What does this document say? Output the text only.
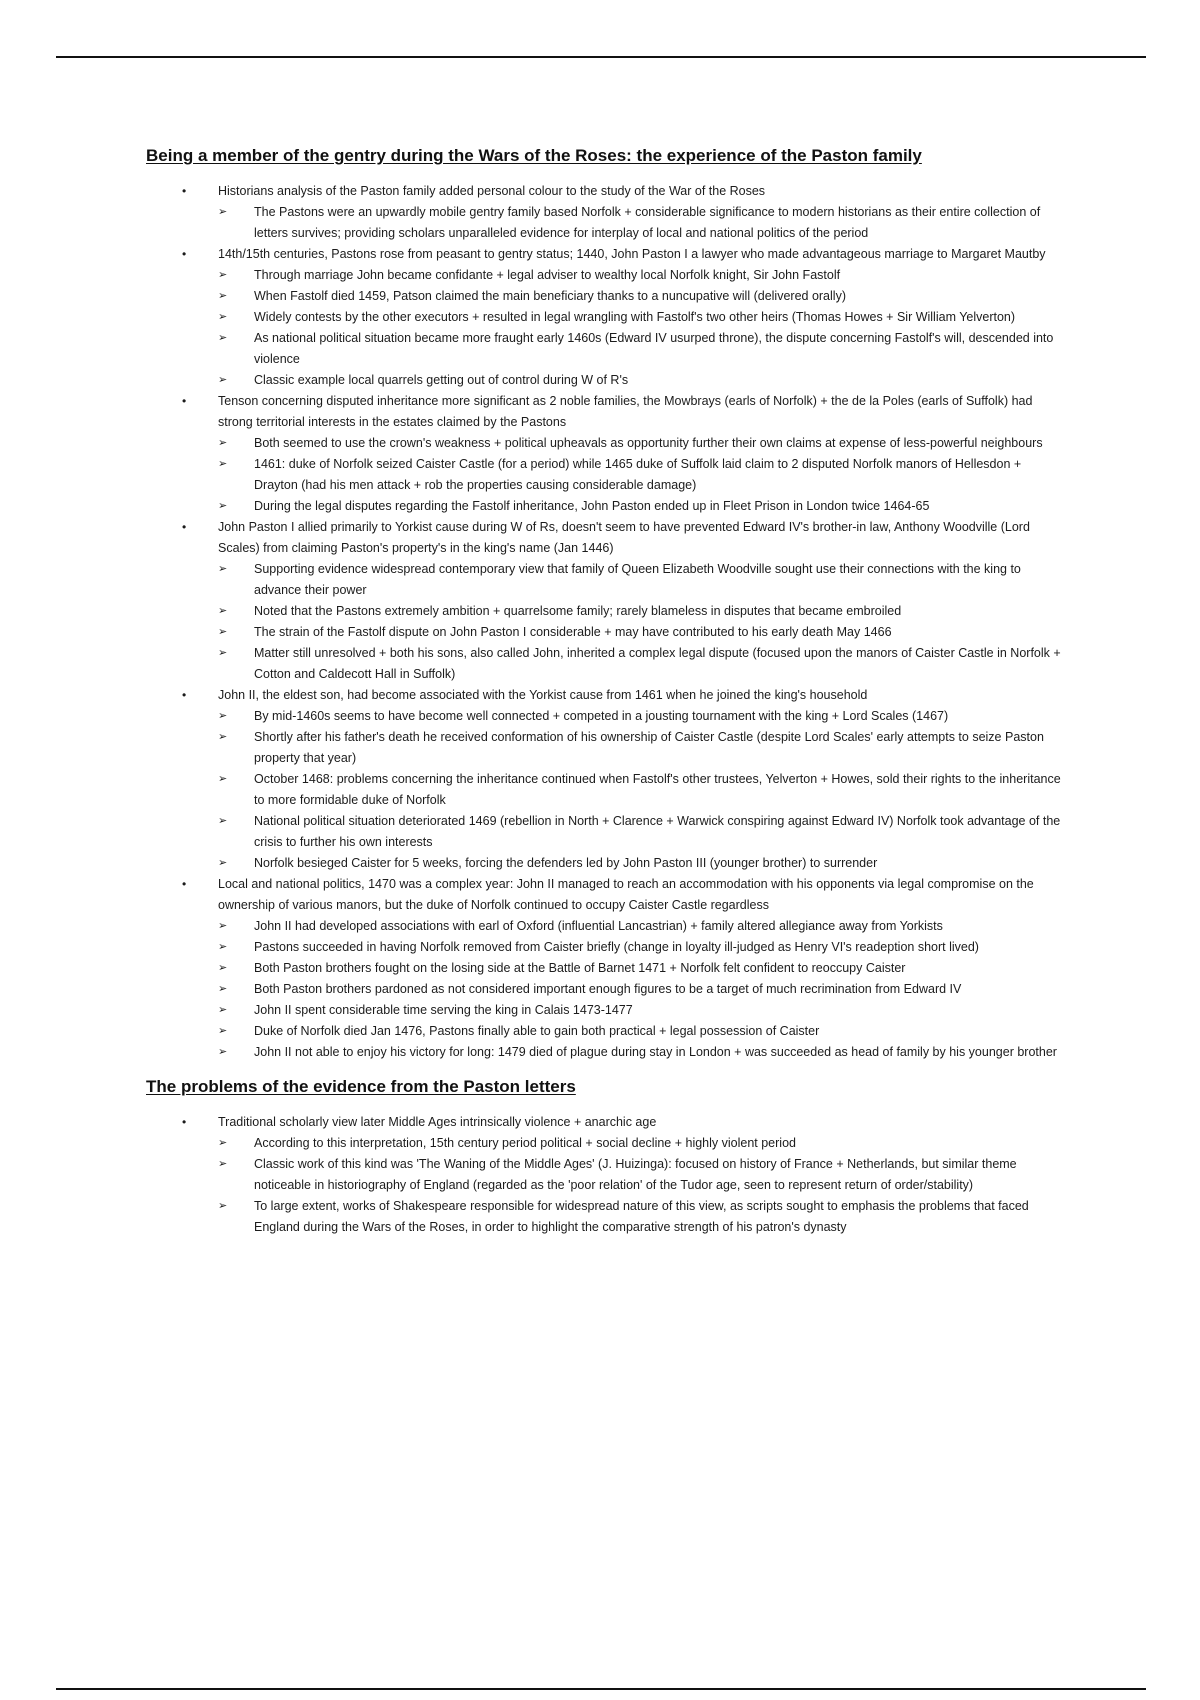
Being a member of the gentry during the Wars of the Roses: the experience of the Paston family
•	Historians analysis of the Paston family added personal colour to the study of the War of the Roses
➢ The Pastons were an upwardly mobile gentry family based Norfolk + considerable significance to modern historians as their entire collection of letters survives; providing scholars unparalleled evidence for interplay of local and national politics of the period
•	14th/15th centuries, Pastons rose from peasant to gentry status; 1440, John Paston I a lawyer who made advantageous marriage to Margaret Mautby
➢ Through marriage John became confidante + legal adviser to wealthy local Norfolk knight, Sir John Fastolf
➢ When Fastolf died 1459, Patson claimed the main beneficiary thanks to a nuncupative will (delivered orally)
➢ Widely contests by the other executors + resulted in legal wrangling with Fastolf's two other heirs (Thomas Howes + Sir William Yelverton)
➢ As national political situation became more fraught early 1460s (Edward IV usurped throne), the dispute concerning Fastolf's will, descended into violence
➢ Classic example local quarrels getting out of control during W of R's
•	Tenson concerning disputed inheritance more significant as 2 noble families, the Mowbrays (earls of Norfolk) + the de la Poles (earls of Suffolk) had strong territorial interests in the estates claimed by the Pastons
➢ Both seemed to use the crown's weakness + political upheavals as opportunity further their own claims at expense of less-powerful neighbours
➢ 1461: duke of Norfolk seized Caister Castle (for a period) while 1465 duke of Suffolk laid claim to 2 disputed Norfolk manors of Hellesdon + Drayton (had his men attack + rob the properties causing considerable damage)
➢ During the legal disputes regarding the Fastolf inheritance, John Paston ended up in Fleet Prison in London twice 1464-65
•	John Paston I allied primarily to Yorkist cause during W of Rs, doesn't seem to have prevented Edward IV's brother-in law, Anthony Woodville (Lord Scales) from claiming Paston's property's in the king's name (Jan 1446)
➢ Supporting evidence widespread contemporary view that family of Queen Elizabeth Woodville sought use their connections with the king to advance their power
➢ Noted that the Pastons extremely ambition + quarrelsome family; rarely blameless in disputes that became embroiled
➢ The strain of the Fastolf dispute on John Paston I considerable + may have contributed to his early death May 1466
➢ Matter still unresolved + both his sons, also called John, inherited a complex legal dispute (focused upon the manors of Caister Castle in Norfolk + Cotton and Caldecott Hall in Suffolk)
•	John II, the eldest son, had become associated with the Yorkist cause from 1461 when he joined the king's household
➢ By mid-1460s seems to have become well connected + competed in a jousting tournament with the king + Lord Scales (1467)
➢ Shortly after his father's death he received conformation of his ownership of Caister Castle (despite Lord Scales' early attempts to seize Paston property that year)
➢ October 1468: problems concerning the inheritance continued when Fastolf's other trustees, Yelverton + Howes, sold their rights to the inheritance to more formidable duke of Norfolk
➢ National political situation deteriorated 1469 (rebellion in North + Clarence + Warwick conspiring against Edward IV) Norfolk took advantage of the crisis to further his own interests
➢ Norfolk besieged Caister for 5 weeks, forcing the defenders led by John Paston III (younger brother) to surrender
•	Local and national politics, 1470 was a complex year: John II managed to reach an accommodation with his opponents via legal compromise on the ownership of various manors, but the duke of Norfolk continued to occupy Caister Castle regardless
➢ John II had developed associations with earl of Oxford (influential Lancastrian) + family altered allegiance away from Yorkists
➢ Pastons succeeded in having Norfolk removed from Caister briefly (change in loyalty ill-judged as Henry VI's readeption short lived)
➢ Both Paston brothers fought on the losing side at the Battle of Barnet 1471 + Norfolk felt confident to reoccupy Caister
➢ Both Paston brothers pardoned as not considered important enough figures to be a target of much recrimination from Edward IV
➢ John II spent considerable time serving the king in Calais 1473-1477
➢ Duke of Norfolk died Jan 1476, Pastons finally able to gain both practical + legal possession of Caister
➢ John II not able to enjoy his victory for long: 1479 died of plague during stay in London + was succeeded as head of family by his younger brother
The problems of the evidence from the Paston letters
•	Traditional scholarly view later Middle Ages intrinsically violence + anarchic age
➢ According to this interpretation, 15th century period political + social decline + highly violent period
➢ Classic work of this kind was 'The Waning of the Middle Ages' (J. Huizinga): focused on history of France + Netherlands, but similar theme noticeable in historiography of England (regarded as the 'poor relation' of the Tudor age, seen to represent return of order/stability)
➢ To large extent, works of Shakespeare responsible for widespread nature of this view, as scripts sought to emphasis the problems that faced England during the Wars of the Roses, in order to highlight the comparative strength of his patron's dynasty
